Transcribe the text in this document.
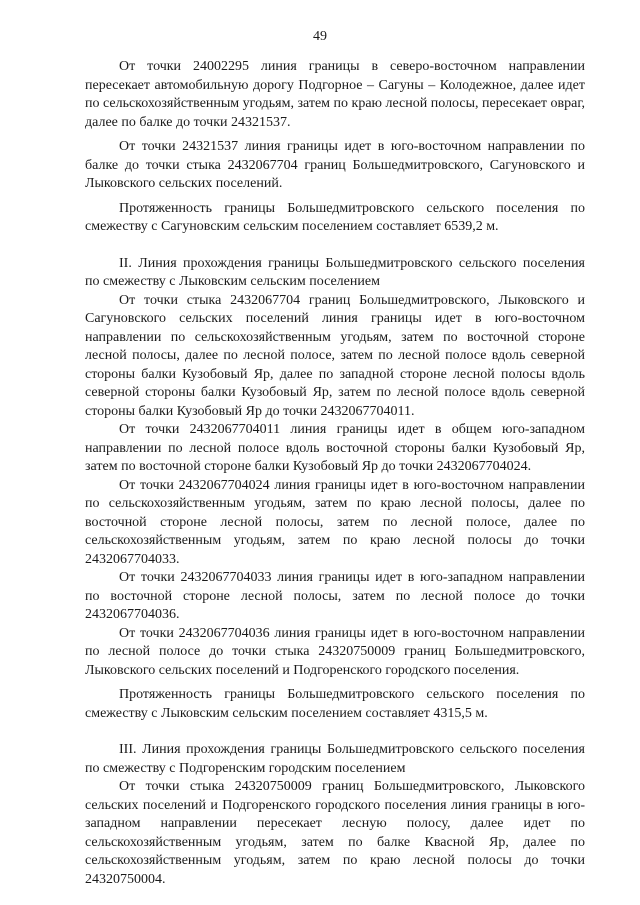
49

От точки 24002295 линия границы в северо-восточном направлении пересекает автомобильную дорогу Подгорное – Сагуны – Колодежное, далее идет по сельскохозяйственным угодьям, затем по краю лесной полосы, пересекает овраг, далее по балке до точки 24321537.

От точки 24321537 линия границы идет в юго-восточном направлении по балке до точки стыка 2432067704 границ Большедмитровского, Сагуновского и Лыковского сельских поселений.

Протяженность границы Большедмитровского сельского поселения по смежеству с Сагуновским сельским поселением составляет 6539,2 м.

II. Линия прохождения границы Большедмитровского сельского поселения по смежеству с Лыковским сельским поселением

От точки стыка 2432067704 границ Большедмитровского, Лыковского и Сагуновского сельских поселений линия границы идет в юго-восточном направлении по сельскохозяйственным угодьям, затем по восточной стороне лесной полосы, далее по лесной полосе, затем по лесной полосе вдоль северной стороны балки Кузобовый Яр, далее по западной стороне лесной полосы вдоль северной стороны балки Кузобовый Яр, затем по лесной полосе вдоль северной стороны балки Кузобовый Яр до точки 2432067704011.

От точки 2432067704011 линия границы идет в общем юго-западном направлении по лесной полосе вдоль восточной стороны балки Кузобовый Яр, затем по восточной стороне балки Кузобовый Яр до точки 2432067704024.

От точки 2432067704024 линия границы идет в юго-восточном направлении по сельскохозяйственным угодьям, затем по краю лесной полосы, далее по восточной стороне лесной полосы, затем по лесной полосе, далее по сельскохозяйственным угодьям, затем по краю лесной полосы до точки 2432067704033.

От точки 2432067704033 линия границы идет в юго-западном направлении по восточной стороне лесной полосы, затем по лесной полосе до точки 2432067704036.

От точки 2432067704036 линия границы идет в юго-восточном направлении по лесной полосе до точки стыка 24320750009 границ Большедмитровского, Лыковского сельских поселений и Подгоренского городского поселения.

Протяженность границы Большедмитровского сельского поселения по смежеству с Лыковским сельским поселением составляет 4315,5 м.

III. Линия прохождения границы Большедмитровского сельского поселения по смежеству с Подгоренским городским поселением

От точки стыка 24320750009 границ Большедмитровского, Лыковского сельских поселений и Подгоренского городского поселения линия границы в юго-западном направлении пересекает лесную полосу, далее идет по сельскохозяйственным угодьям, затем по балке Квасной Яр, далее по сельскохозяйственным угодьям, затем по краю лесной полосы до точки 24320750004.
